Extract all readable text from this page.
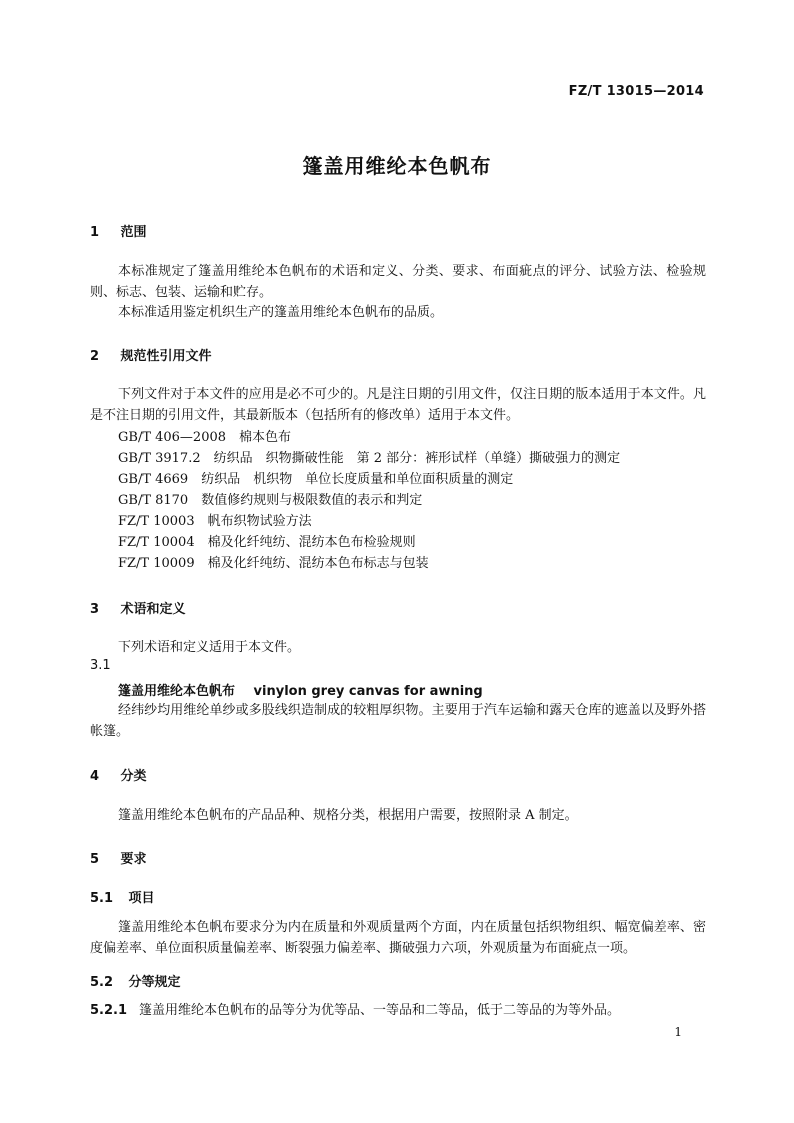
FZ/T 13015—2014
篷盖用维纶本色帆布
1 范围
本标准规定了篷盖用维纶本色帆布的术语和定义、分类、要求、布面疵点的评分、试验方法、检验规则、标志、包装、运输和贮存。
本标准适用鉴定机织生产的篷盖用维纶本色帆布的品质。
2 规范性引用文件
下列文件对于本文件的应用是必不可少的。凡是注日期的引用文件，仅注日期的版本适用于本文件。凡是不注日期的引用文件，其最新版本（包括所有的修改单）适用于本文件。
GB/T 406—2008　棉本色布
GB/T 3917.2　纺织品　织物撕破性能　第 2 部分：裤形试样（单缝）撕破强力的测定
GB/T 4669　纺织品　机织物　单位长度质量和单位面积质量的测定
GB/T 8170　数值修约规则与极限数值的表示和判定
FZ/T 10003　帆布织物试验方法
FZ/T 10004　棉及化纤纯纺、混纺本色布检验规则
FZ/T 10009　棉及化纤纯纺、混纺本色布标志与包装
3 术语和定义
下列术语和定义适用于本文件。
3.1
篷盖用维纶本色帆布 vinylon grey canvas for awning
经纬纱均用维纶单纱或多股线织造制成的较粗厚织物。主要用于汽车运输和露天仓库的遮盖以及野外搭帐篷。
4 分类
篷盖用维纶本色帆布的产品品种、规格分类，根据用户需要，按照附录 A 制定。
5 要求
5.1 项目
篷盖用维纶本色帆布要求分为内在质量和外观质量两个方面，内在质量包括织物组织、幅宽偏差率、密度偏差率、单位面积质量偏差率、断裂强力偏差率、撕破强力六项，外观质量为布面疵点一项。
5.2 分等规定
5.2.1 篷盖用维纶本色帆布的品等分为优等品、一等品和二等品，低于二等品的为等外品。
1
